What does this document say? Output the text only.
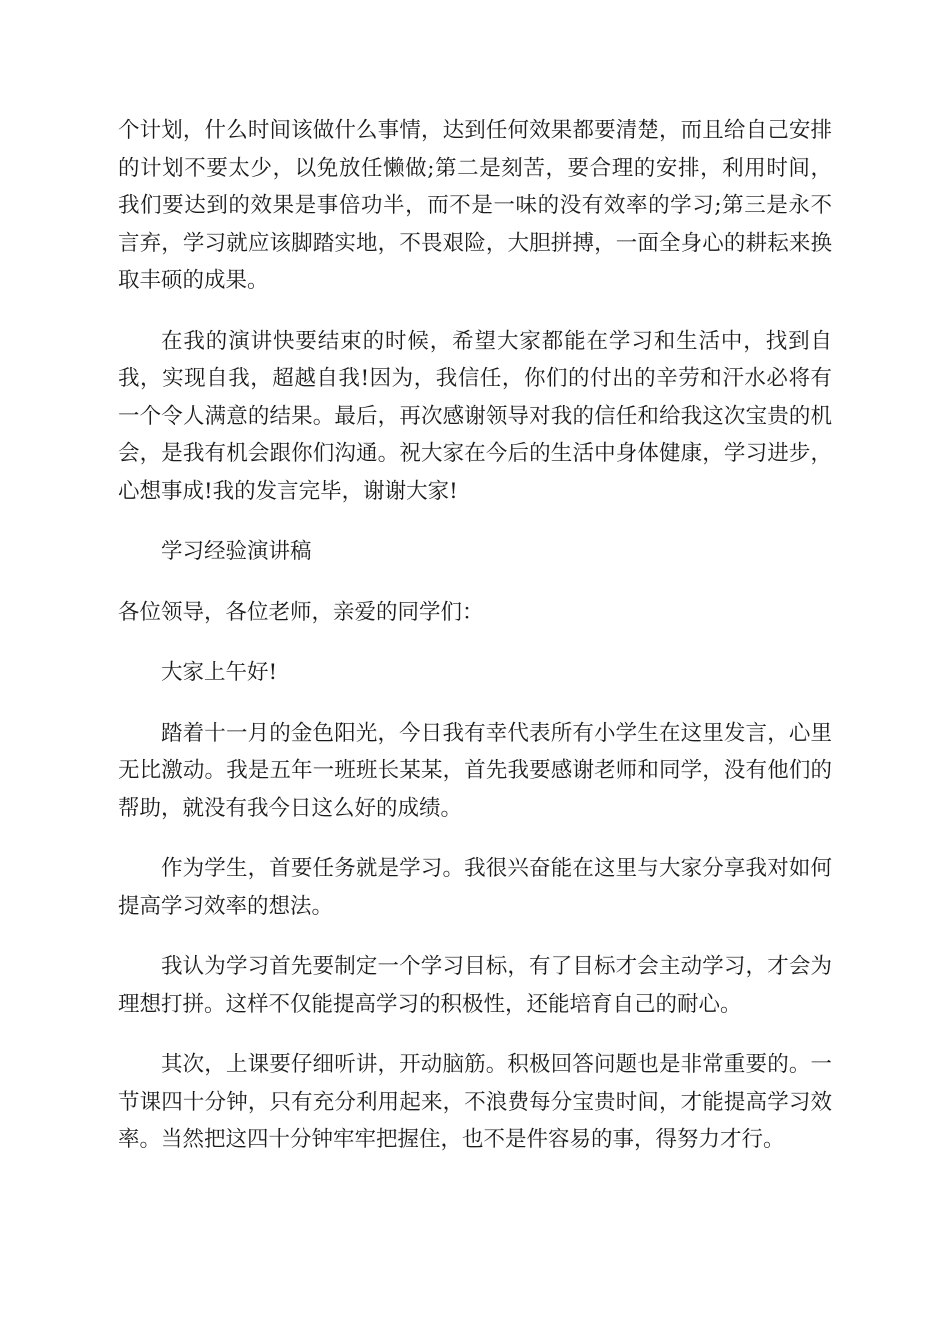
个计划，什么时间该做什么事情，达到任何效果都要清楚，而且给自己安排的计划不要太少，以免放任懒做;第二是刻苦，要合理的安排，利用时间，我们要达到的效果是事倍功半，而不是一味的没有效率的学习;第三是永不言弃，学习就应该脚踏实地，不畏艰险，大胆拼搏，一面全身心的耕耘来换取丰硕的成果。

在我的演讲快要结束的时候，希望大家都能在学习和生活中，找到自我，实现自我，超越自我!因为，我信任，你们的付出的辛劳和汗水必将有一个令人满意的结果。最后，再次感谢领导对我的信任和给我这次宝贵的机会，是我有机会跟你们沟通。祝大家在今后的生活中身体健康，学习进步，心想事成!我的发言完毕，谢谢大家!

学习经验演讲稿

各位领导，各位老师，亲爱的同学们：

大家上午好!

踏着十一月的金色阳光，今日我有幸代表所有小学生在这里发言，心里无比激动。我是五年一班班长某某，首先我要感谢老师和同学，没有他们的帮助，就没有我今日这么好的成绩。

作为学生，首要任务就是学习。我很兴奋能在这里与大家分享我对如何提高学习效率的想法。

我认为学习首先要制定一个学习目标，有了目标才会主动学习，才会为理想打拼。这样不仅能提高学习的积极性，还能培育自己的耐心。

其次，上课要仔细听讲，开动脑筋。积极回答问题也是非常重要的。一节课四十分钟，只有充分利用起来，不浪费每分宝贵时间，才能提高学习效率。当然把这四十分钟牢牢把握住，也不是件容易的事，得努力才行。
